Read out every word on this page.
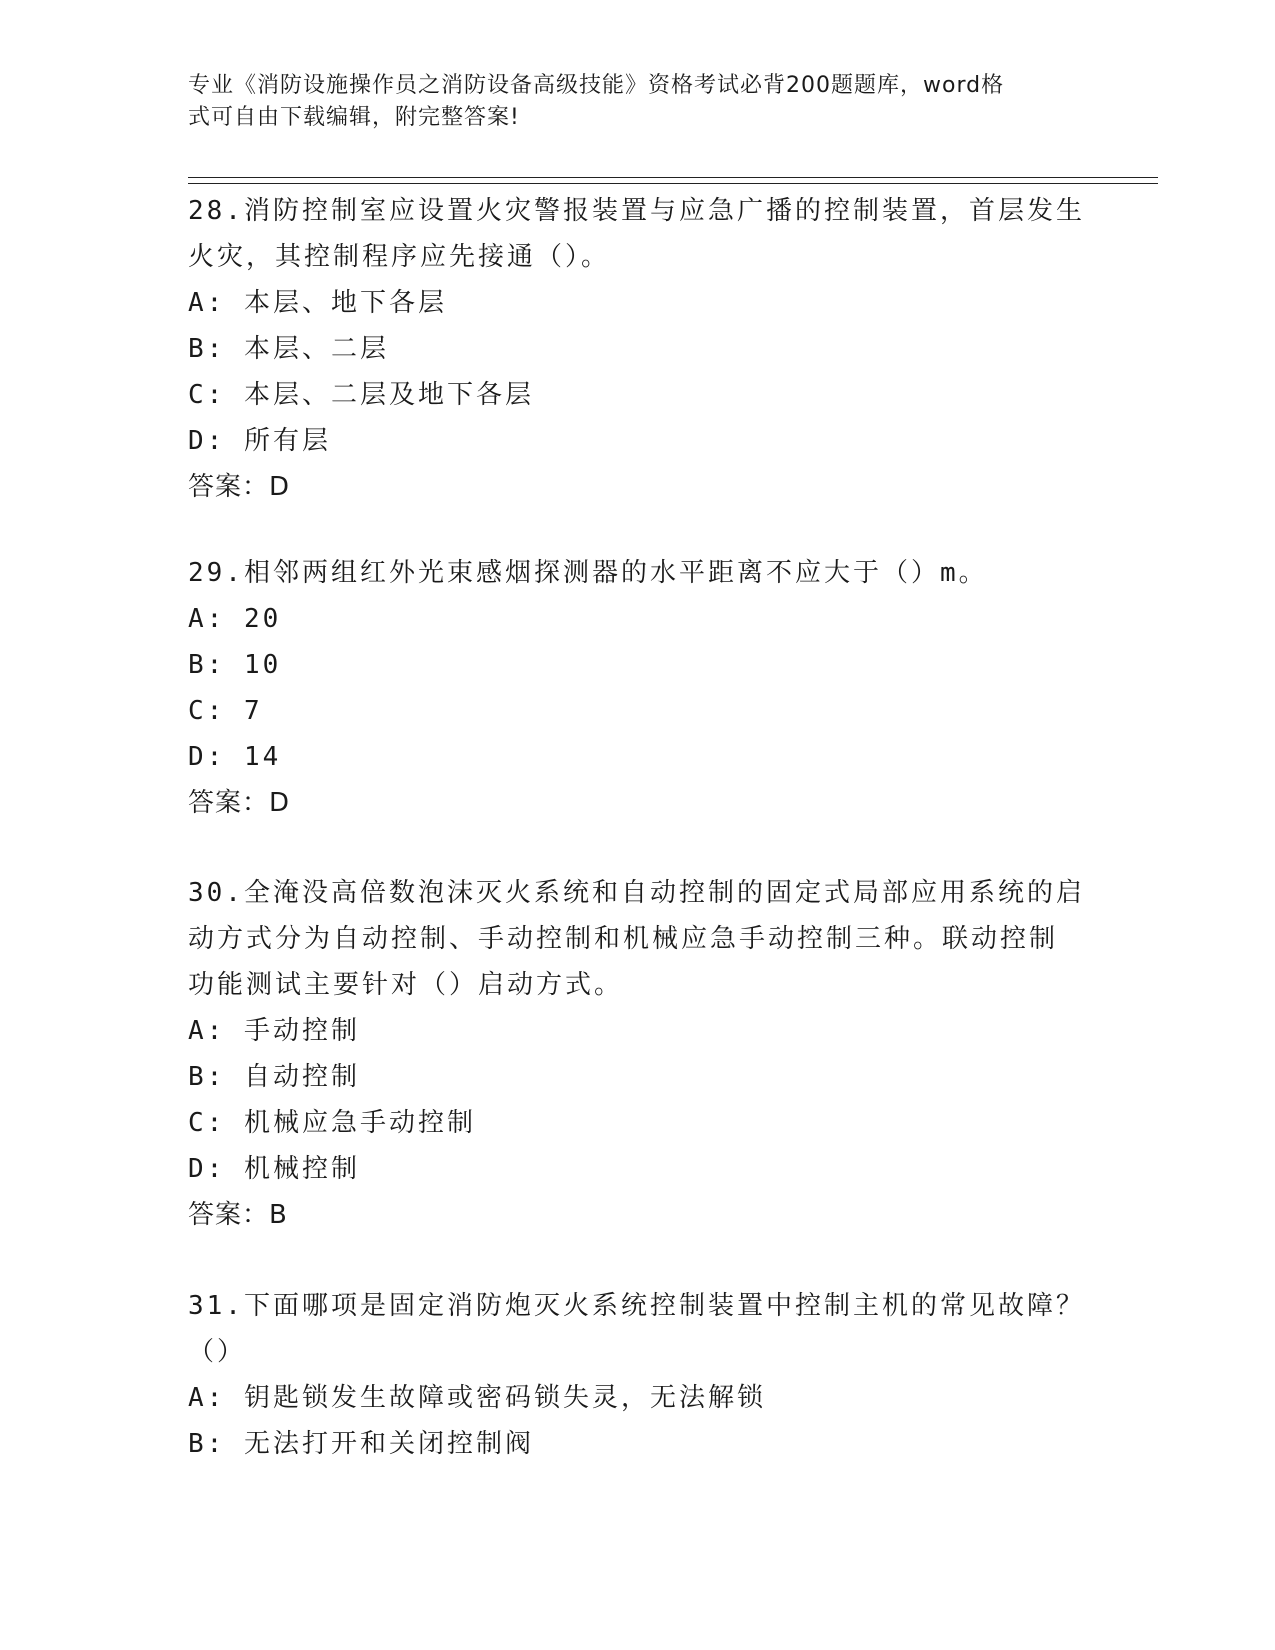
专业《消防设施操作员之消防设备高级技能》资格考试必背200题题库，word格
式可自由下载编辑，附完整答案!

28.消防控制室应设置火灾警报装置与应急广播的控制装置，首层发生

火灾，其控制程序应先接通（）。

A: 本层、地下各层

B: 本层、二层

C: 本层、二层及地下各层

D: 所有层

答案：D

29.相邻两组红外光束感烟探测器的水平距离不应大于（）m。

A: 20

B: 10

C: 7

D: 14

答案：D

30.全淹没高倍数泡沫灭火系统和自动控制的固定式局部应用系统的启

动方式分为自动控制、手动控制和机械应急手动控制三种。联动控制

功能测试主要针对（）启动方式。

A: 手动控制

B: 自动控制

C: 机械应急手动控制

D: 机械控制

答案：B

31.下面哪项是固定消防炮灭火系统控制装置中控制主机的常见故障？

（）

A: 钥匙锁发生故障或密码锁失灵，无法解锁

B: 无法打开和关闭控制阀
